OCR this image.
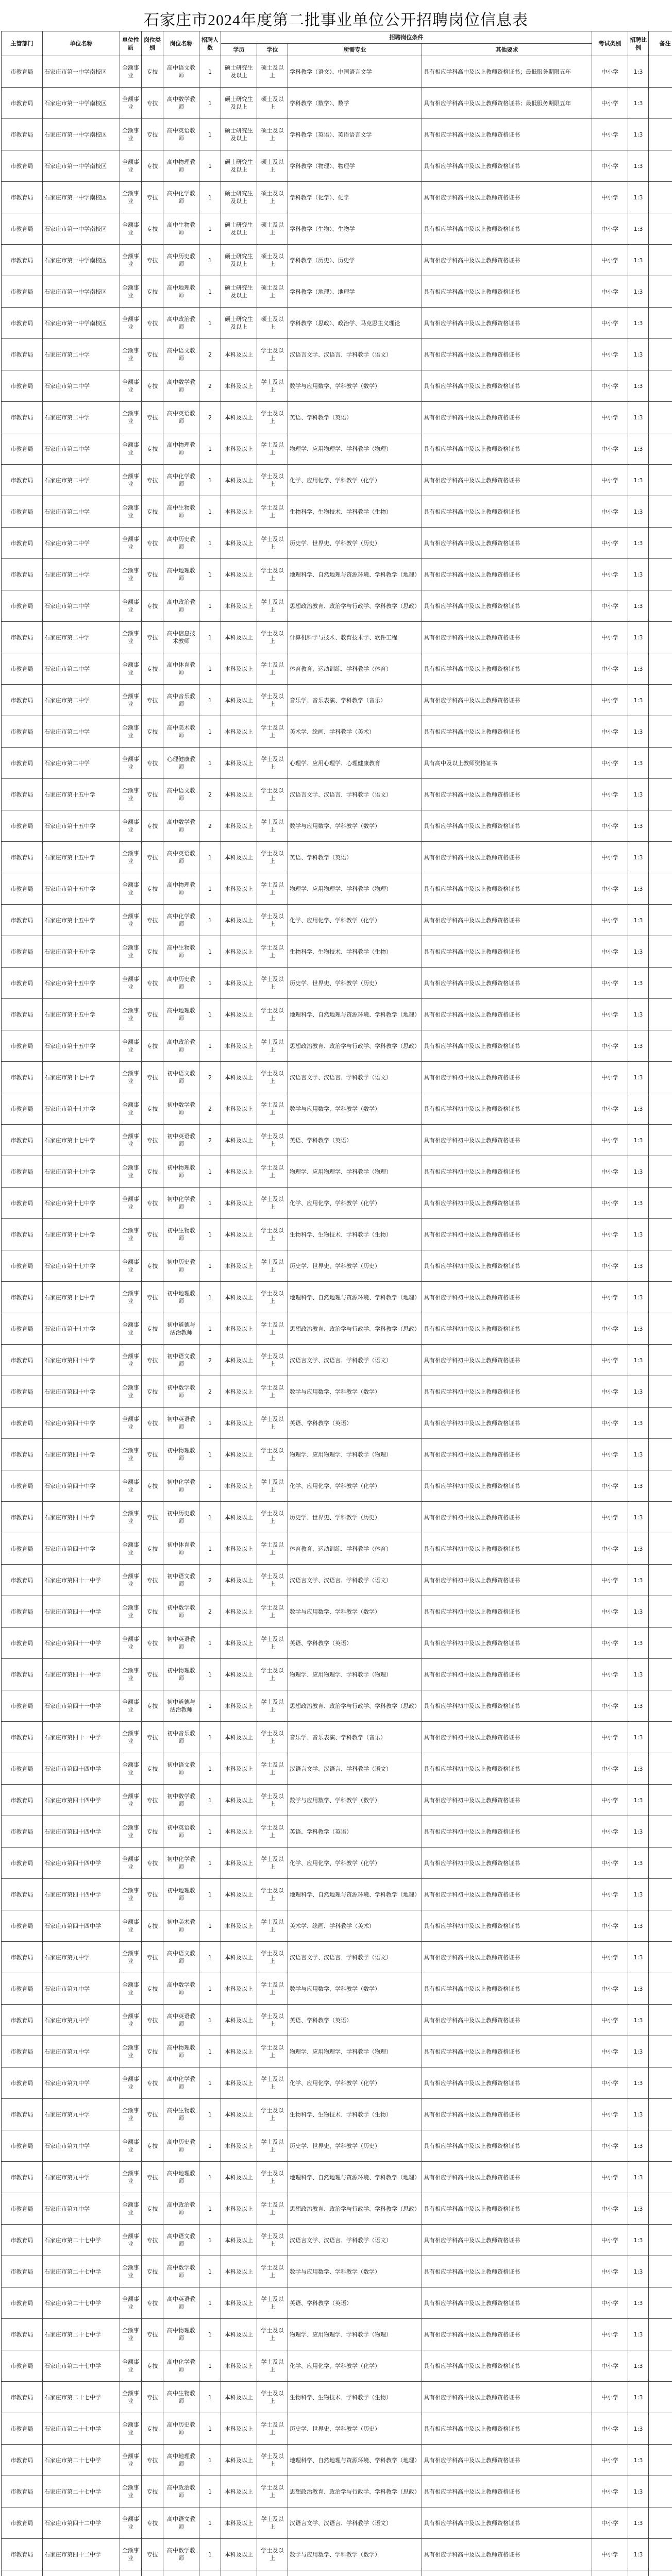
石家庄市2024年度第二批事业单位公开招聘岗位信息表
主管部门	单位名称	单位性质	岗位类别	岗位名称	招聘人数	招聘岗位条件				考试类别	招聘比例	备注
						学历	学位	所需专业	其他要求			
市教育局	石家庄市第一中学南校区	全额事业	专技	高中语文教师	1	硕士研究生及以上	硕士及以上	学科教学（语文）、中国语言文学	具有相应学科高中及以上教师资格证书；最低服务期限五年	中小学	1:3	
市教育局	石家庄市第一中学南校区	全额事业	专技	高中数学教师	1	硕士研究生及以上	硕士及以上	学科教学（数学）、数学	具有相应学科高中及以上教师资格证书；最低服务期限五年	中小学	1:3	
市教育局	石家庄市第一中学南校区	全额事业	专技	高中英语教师	1	硕士研究生及以上	硕士及以上	学科教学（英语）、英语语言文学	具有相应学科高中及以上教师资格证书	中小学	1:3	
市教育局	石家庄市第一中学南校区	全额事业	专技	高中物理教师	1	硕士研究生及以上	硕士及以上	学科教学（物理）、物理学	具有相应学科高中及以上教师资格证书	中小学	1:3	
市教育局	石家庄市第一中学南校区	全额事业	专技	高中化学教师	1	硕士研究生及以上	硕士及以上	学科教学（化学）、化学	具有相应学科高中及以上教师资格证书	中小学	1:3	
市教育局	石家庄市第一中学南校区	全额事业	专技	高中生物教师	1	硕士研究生及以上	硕士及以上	学科教学（生物）、生物学	具有相应学科高中及以上教师资格证书	中小学	1:3	
市教育局	石家庄市第一中学南校区	全额事业	专技	高中历史教师	1	硕士研究生及以上	硕士及以上	学科教学（历史）、历史学	具有相应学科高中及以上教师资格证书	中小学	1:3	
市教育局	石家庄市第一中学南校区	全额事业	专技	高中地理教师	1	硕士研究生及以上	硕士及以上	学科教学（地理）、地理学	具有相应学科高中及以上教师资格证书	中小学	1:3	
市教育局	石家庄市第一中学南校区	全额事业	专技	高中政治教师	1	硕士研究生及以上	硕士及以上	学科教学（思政）、政治学、马克思主义理论	具有相应学科高中及以上教师资格证书	中小学	1:3	
市教育局	石家庄市第二中学	全额事业	专技	高中语文教师	2	本科及以上	学士及以上	汉语言文学、汉语言、学科教学（语文）	具有相应学科高中及以上教师资格证书	中小学	1:3	
市教育局	石家庄市第二中学	全额事业	专技	高中数学教师	2	本科及以上	学士及以上	数学与应用数学、学科教学（数学）	具有相应学科高中及以上教师资格证书	中小学	1:3	
市教育局	石家庄市第二中学	全额事业	专技	高中英语教师	2	本科及以上	学士及以上	英语、学科教学（英语）	具有相应学科高中及以上教师资格证书	中小学	1:3	
市教育局	石家庄市第二中学	全额事业	专技	高中物理教师	1	本科及以上	学士及以上	物理学、应用物理学、学科教学（物理）	具有相应学科高中及以上教师资格证书	中小学	1:3	
市教育局	石家庄市第二中学	全额事业	专技	高中化学教师	1	本科及以上	学士及以上	化学、应用化学、学科教学（化学）	具有相应学科高中及以上教师资格证书	中小学	1:3	
市教育局	石家庄市第二中学	全额事业	专技	高中生物教师	1	本科及以上	学士及以上	生物科学、生物技术、学科教学（生物）	具有相应学科高中及以上教师资格证书	中小学	1:3	
市教育局	石家庄市第二中学	全额事业	专技	高中历史教师	1	本科及以上	学士及以上	历史学、世界史、学科教学（历史）	具有相应学科高中及以上教师资格证书	中小学	1:3	
市教育局	石家庄市第二中学	全额事业	专技	高中地理教师	1	本科及以上	学士及以上	地理科学、自然地理与资源环境、学科教学（地理）	具有相应学科高中及以上教师资格证书	中小学	1:3	
市教育局	石家庄市第二中学	全额事业	专技	高中政治教师	1	本科及以上	学士及以上	思想政治教育、政治学与行政学、学科教学（思政）	具有相应学科高中及以上教师资格证书	中小学	1:3	
市教育局	石家庄市第二中学	全额事业	专技	高中信息技术教师	1	本科及以上	学士及以上	计算机科学与技术、教育技术学、软件工程	具有相应学科高中及以上教师资格证书	中小学	1:3	
市教育局	石家庄市第二中学	全额事业	专技	高中体育教师	1	本科及以上	学士及以上	体育教育、运动训练、学科教学（体育）	具有相应学科高中及以上教师资格证书	中小学	1:3	
市教育局	石家庄市第二中学	全额事业	专技	高中音乐教师	1	本科及以上	学士及以上	音乐学、音乐表演、学科教学（音乐）	具有相应学科高中及以上教师资格证书	中小学	1:3	
市教育局	石家庄市第二中学	全额事业	专技	高中美术教师	1	本科及以上	学士及以上	美术学、绘画、学科教学（美术）	具有相应学科高中及以上教师资格证书	中小学	1:3	
市教育局	石家庄市第二中学	全额事业	专技	心理健康教师	1	本科及以上	学士及以上	心理学、应用心理学、心理健康教育	具有高中及以上教师资格证书	中小学	1:3	
市教育局	石家庄市第十五中学	全额事业	专技	高中语文教师	2	本科及以上	学士及以上	汉语言文学、汉语言、学科教学（语文）	具有相应学科高中及以上教师资格证书	中小学	1:3	
市教育局	石家庄市第十五中学	全额事业	专技	高中数学教师	2	本科及以上	学士及以上	数学与应用数学、学科教学（数学）	具有相应学科高中及以上教师资格证书	中小学	1:3	
市教育局	石家庄市第十五中学	全额事业	专技	高中英语教师	1	本科及以上	学士及以上	英语、学科教学（英语）	具有相应学科高中及以上教师资格证书	中小学	1:3	
市教育局	石家庄市第十五中学	全额事业	专技	高中物理教师	1	本科及以上	学士及以上	物理学、应用物理学、学科教学（物理）	具有相应学科高中及以上教师资格证书	中小学	1:3	
市教育局	石家庄市第十五中学	全额事业	专技	高中化学教师	1	本科及以上	学士及以上	化学、应用化学、学科教学（化学）	具有相应学科高中及以上教师资格证书	中小学	1:3	
市教育局	石家庄市第十五中学	全额事业	专技	高中生物教师	1	本科及以上	学士及以上	生物科学、生物技术、学科教学（生物）	具有相应学科高中及以上教师资格证书	中小学	1:3	
市教育局	石家庄市第十五中学	全额事业	专技	高中历史教师	1	本科及以上	学士及以上	历史学、世界史、学科教学（历史）	具有相应学科高中及以上教师资格证书	中小学	1:3	
市教育局	石家庄市第十五中学	全额事业	专技	高中地理教师	1	本科及以上	学士及以上	地理科学、自然地理与资源环境、学科教学（地理）	具有相应学科高中及以上教师资格证书	中小学	1:3	
市教育局	石家庄市第十五中学	全额事业	专技	高中政治教师	1	本科及以上	学士及以上	思想政治教育、政治学与行政学、学科教学（思政）	具有相应学科高中及以上教师资格证书	中小学	1:3	
市教育局	石家庄市第十七中学	全额事业	专技	初中语文教师	2	本科及以上	学士及以上	汉语言文学、汉语言、学科教学（语文）	具有相应学科初中及以上教师资格证书	中小学	1:3	
市教育局	石家庄市第十七中学	全额事业	专技	初中数学教师	2	本科及以上	学士及以上	数学与应用数学、学科教学（数学）	具有相应学科初中及以上教师资格证书	中小学	1:3	
市教育局	石家庄市第十七中学	全额事业	专技	初中英语教师	2	本科及以上	学士及以上	英语、学科教学（英语）	具有相应学科初中及以上教师资格证书	中小学	1:3	
市教育局	石家庄市第十七中学	全额事业	专技	初中物理教师	1	本科及以上	学士及以上	物理学、应用物理学、学科教学（物理）	具有相应学科初中及以上教师资格证书	中小学	1:3	
市教育局	石家庄市第十七中学	全额事业	专技	初中化学教师	1	本科及以上	学士及以上	化学、应用化学、学科教学（化学）	具有相应学科初中及以上教师资格证书	中小学	1:3	
市教育局	石家庄市第十七中学	全额事业	专技	初中生物教师	1	本科及以上	学士及以上	生物科学、生物技术、学科教学（生物）	具有相应学科初中及以上教师资格证书	中小学	1:3	
市教育局	石家庄市第十七中学	全额事业	专技	初中历史教师	1	本科及以上	学士及以上	历史学、世界史、学科教学（历史）	具有相应学科初中及以上教师资格证书	中小学	1:3	
市教育局	石家庄市第十七中学	全额事业	专技	初中地理教师	1	本科及以上	学士及以上	地理科学、自然地理与资源环境、学科教学（地理）	具有相应学科初中及以上教师资格证书	中小学	1:3	
市教育局	石家庄市第十七中学	全额事业	专技	初中道德与法治教师	1	本科及以上	学士及以上	思想政治教育、政治学与行政学、学科教学（思政）	具有相应学科初中及以上教师资格证书	中小学	1:3	
市教育局	石家庄市第四十中学	全额事业	专技	初中语文教师	2	本科及以上	学士及以上	汉语言文学、汉语言、学科教学（语文）	具有相应学科初中及以上教师资格证书	中小学	1:3	
市教育局	石家庄市第四十中学	全额事业	专技	初中数学教师	2	本科及以上	学士及以上	数学与应用数学、学科教学（数学）	具有相应学科初中及以上教师资格证书	中小学	1:3	
市教育局	石家庄市第四十中学	全额事业	专技	初中英语教师	1	本科及以上	学士及以上	英语、学科教学（英语）	具有相应学科初中及以上教师资格证书	中小学	1:3	
市教育局	石家庄市第四十中学	全额事业	专技	初中物理教师	1	本科及以上	学士及以上	物理学、应用物理学、学科教学（物理）	具有相应学科初中及以上教师资格证书	中小学	1:3	
市教育局	石家庄市第四十中学	全额事业	专技	初中化学教师	1	本科及以上	学士及以上	化学、应用化学、学科教学（化学）	具有相应学科初中及以上教师资格证书	中小学	1:3	
市教育局	石家庄市第四十中学	全额事业	专技	初中历史教师	1	本科及以上	学士及以上	历史学、世界史、学科教学（历史）	具有相应学科初中及以上教师资格证书	中小学	1:3	
市教育局	石家庄市第四十中学	全额事业	专技	初中体育教师	1	本科及以上	学士及以上	体育教育、运动训练、学科教学（体育）	具有相应学科初中及以上教师资格证书	中小学	1:3	
市教育局	石家庄市第四十一中学	全额事业	专技	初中语文教师	2	本科及以上	学士及以上	汉语言文学、汉语言、学科教学（语文）	具有相应学科初中及以上教师资格证书	中小学	1:3	
市教育局	石家庄市第四十一中学	全额事业	专技	初中数学教师	2	本科及以上	学士及以上	数学与应用数学、学科教学（数学）	具有相应学科初中及以上教师资格证书	中小学	1:3	
市教育局	石家庄市第四十一中学	全额事业	专技	初中英语教师	1	本科及以上	学士及以上	英语、学科教学（英语）	具有相应学科初中及以上教师资格证书	中小学	1:3	
市教育局	石家庄市第四十一中学	全额事业	专技	初中物理教师	1	本科及以上	学士及以上	物理学、应用物理学、学科教学（物理）	具有相应学科初中及以上教师资格证书	中小学	1:3	
市教育局	石家庄市第四十一中学	全额事业	专技	初中道德与法治教师	1	本科及以上	学士及以上	思想政治教育、政治学与行政学、学科教学（思政）	具有相应学科初中及以上教师资格证书	中小学	1:3	
市教育局	石家庄市第四十一中学	全额事业	专技	初中音乐教师	1	本科及以上	学士及以上	音乐学、音乐表演、学科教学（音乐）	具有相应学科初中及以上教师资格证书	中小学	1:3	
市教育局	石家庄市第四十四中学	全额事业	专技	初中语文教师	1	本科及以上	学士及以上	汉语言文学、汉语言、学科教学（语文）	具有相应学科初中及以上教师资格证书	中小学	1:3	
市教育局	石家庄市第四十四中学	全额事业	专技	初中数学教师	1	本科及以上	学士及以上	数学与应用数学、学科教学（数学）	具有相应学科初中及以上教师资格证书	中小学	1:3	
市教育局	石家庄市第四十四中学	全额事业	专技	初中英语教师	1	本科及以上	学士及以上	英语、学科教学（英语）	具有相应学科初中及以上教师资格证书	中小学	1:3	
市教育局	石家庄市第四十四中学	全额事业	专技	初中化学教师	1	本科及以上	学士及以上	化学、应用化学、学科教学（化学）	具有相应学科初中及以上教师资格证书	中小学	1:3	
市教育局	石家庄市第四十四中学	全额事业	专技	初中地理教师	1	本科及以上	学士及以上	地理科学、自然地理与资源环境、学科教学（地理）	具有相应学科初中及以上教师资格证书	中小学	1:3	
市教育局	石家庄市第四十四中学	全额事业	专技	初中美术教师	1	本科及以上	学士及以上	美术学、绘画、学科教学（美术）	具有相应学科初中及以上教师资格证书	中小学	1:3	
市教育局	石家庄市第九中学	全额事业	专技	高中语文教师	1	本科及以上	学士及以上	汉语言文学、汉语言、学科教学（语文）	具有相应学科高中及以上教师资格证书	中小学	1:3	
市教育局	石家庄市第九中学	全额事业	专技	高中数学教师	1	本科及以上	学士及以上	数学与应用数学、学科教学（数学）	具有相应学科高中及以上教师资格证书	中小学	1:3	
市教育局	石家庄市第九中学	全额事业	专技	高中英语教师	1	本科及以上	学士及以上	英语、学科教学（英语）	具有相应学科高中及以上教师资格证书	中小学	1:3	
市教育局	石家庄市第九中学	全额事业	专技	高中物理教师	1	本科及以上	学士及以上	物理学、应用物理学、学科教学（物理）	具有相应学科高中及以上教师资格证书	中小学	1:3	
市教育局	石家庄市第九中学	全额事业	专技	高中化学教师	1	本科及以上	学士及以上	化学、应用化学、学科教学（化学）	具有相应学科高中及以上教师资格证书	中小学	1:3	
市教育局	石家庄市第九中学	全额事业	专技	高中生物教师	1	本科及以上	学士及以上	生物科学、生物技术、学科教学（生物）	具有相应学科高中及以上教师资格证书	中小学	1:3	
市教育局	石家庄市第九中学	全额事业	专技	高中历史教师	1	本科及以上	学士及以上	历史学、世界史、学科教学（历史）	具有相应学科高中及以上教师资格证书	中小学	1:3	
市教育局	石家庄市第九中学	全额事业	专技	高中地理教师	1	本科及以上	学士及以上	地理科学、自然地理与资源环境、学科教学（地理）	具有相应学科高中及以上教师资格证书	中小学	1:3	
市教育局	石家庄市第九中学	全额事业	专技	高中政治教师	1	本科及以上	学士及以上	思想政治教育、政治学与行政学、学科教学（思政）	具有相应学科高中及以上教师资格证书	中小学	1:3	
市教育局	石家庄市第二十七中学	全额事业	专技	高中语文教师	1	本科及以上	学士及以上	汉语言文学、汉语言、学科教学（语文）	具有相应学科高中及以上教师资格证书	中小学	1:3	
市教育局	石家庄市第二十七中学	全额事业	专技	高中数学教师	1	本科及以上	学士及以上	数学与应用数学、学科教学（数学）	具有相应学科高中及以上教师资格证书	中小学	1:3	
市教育局	石家庄市第二十七中学	全额事业	专技	高中英语教师	1	本科及以上	学士及以上	英语、学科教学（英语）	具有相应学科高中及以上教师资格证书	中小学	1:3	
市教育局	石家庄市第二十七中学	全额事业	专技	高中物理教师	1	本科及以上	学士及以上	物理学、应用物理学、学科教学（物理）	具有相应学科高中及以上教师资格证书	中小学	1:3	
市教育局	石家庄市第二十七中学	全额事业	专技	高中化学教师	1	本科及以上	学士及以上	化学、应用化学、学科教学（化学）	具有相应学科高中及以上教师资格证书	中小学	1:3	
市教育局	石家庄市第二十七中学	全额事业	专技	高中生物教师	1	本科及以上	学士及以上	生物科学、生物技术、学科教学（生物）	具有相应学科高中及以上教师资格证书	中小学	1:3	
市教育局	石家庄市第二十七中学	全额事业	专技	高中历史教师	1	本科及以上	学士及以上	历史学、世界史、学科教学（历史）	具有相应学科高中及以上教师资格证书	中小学	1:3	
市教育局	石家庄市第二十七中学	全额事业	专技	高中地理教师	1	本科及以上	学士及以上	地理科学、自然地理与资源环境、学科教学（地理）	具有相应学科高中及以上教师资格证书	中小学	1:3	
市教育局	石家庄市第二十七中学	全额事业	专技	高中政治教师	1	本科及以上	学士及以上	思想政治教育、政治学与行政学、学科教学（思政）	具有相应学科高中及以上教师资格证书	中小学	1:3	
市教育局	石家庄市第四十二中学	全额事业	专技	高中语文教师	1	本科及以上	学士及以上	汉语言文学、汉语言、学科教学（语文）	具有相应学科高中及以上教师资格证书	中小学	1:3	
市教育局	石家庄市第四十二中学	全额事业	专技	高中数学教师	1	本科及以上	学士及以上	数学与应用数学、学科教学（数学）	具有相应学科高中及以上教师资格证书	中小学	1:3	
